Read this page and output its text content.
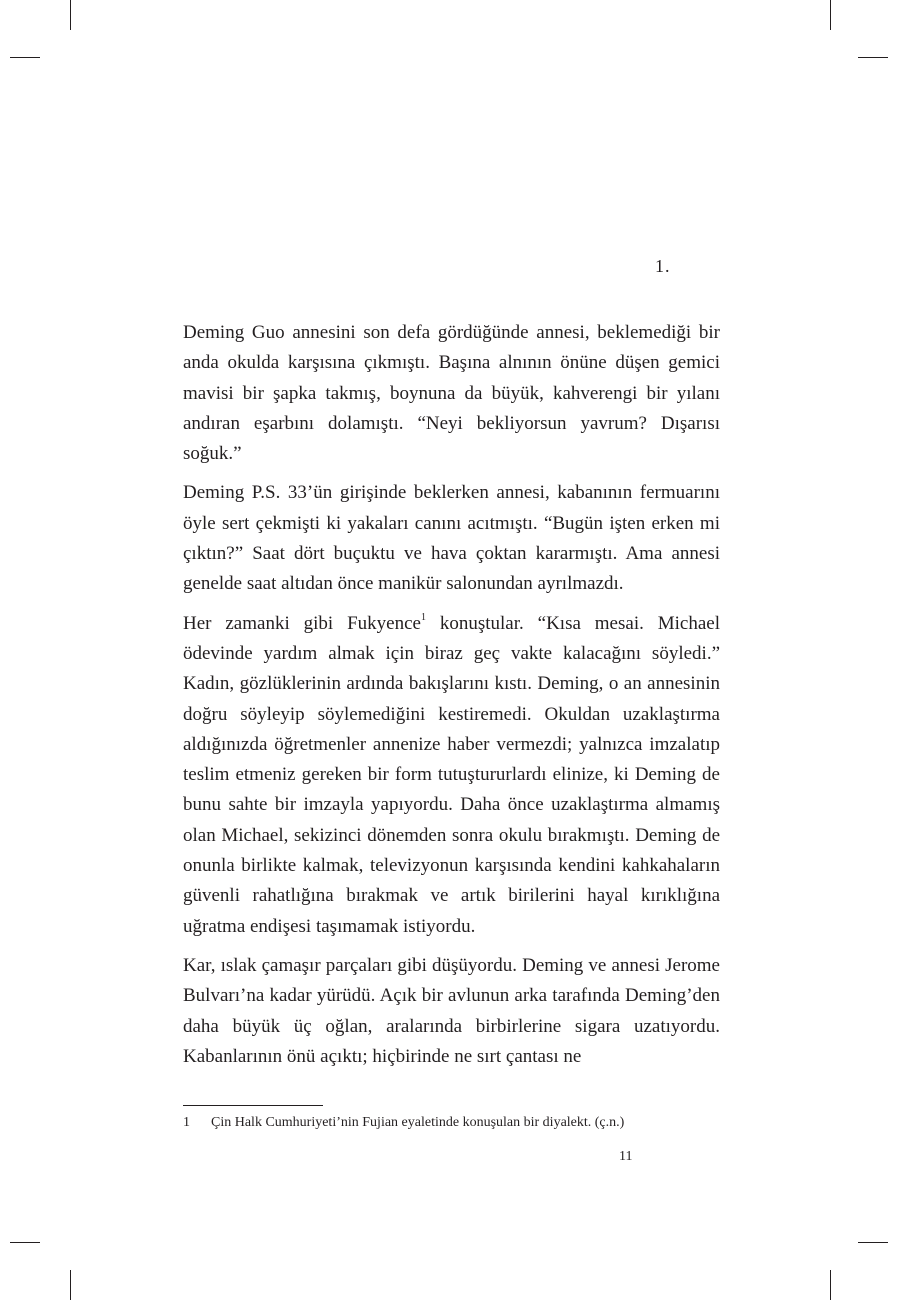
1.

Deming Guo annesini son defa gördüğünde annesi, beklemediği bir anda okulda karşısına çıkmıştı. Başına alnının önüne düşen gemici mavisi bir şapka takmış, boynuna da büyük, kahverengi bir yılanı andıran eşarbını dolamıştı. “Neyi bekliyorsun yavrum? Dışarısı soğuk.”

Deming P.S. 33’ün girişinde beklerken annesi, kabanının fermuarını öyle sert çekmişti ki yakaları canını acıtmıştı. “Bugün işten erken mi çıktın?” Saat dört buçuktu ve hava çoktan kararmıştı. Ama annesi genelde saat altıdan önce manikür salonundan ayrılmazdı.

Her zamanki gibi Fukyence$^1$ konuştular. “Kısa mesai. Michael ödevinde yardım almak için biraz geç vakte kalacağını söyledi.” Kadın, gözlüklerinin ardında bakışlarını kıstı. Deming, o an annesinin doğru söyleyip söylemediğini kestiremedi. Okuldan uzaklaştırma aldığınızda öğretmenler annenize haber vermezdi; yalnızca imzalatıp teslim etmeniz gereken bir form tutuştururlardı elinize, ki Deming de bunu sahte bir imzayla yapıyordu. Daha önce uzaklaştırma almamış olan Michael, sekizinci dönemden sonra okulu bırakmıştı. Deming de onunla birlikte kalmak, televizyonun karşısında kendini kahkahaların güvenli rahatlığına bırakmak ve artık birilerini hayal kırıklığına uğratma endişesi taşımamak istiyordu.

Kar, ıslak çamaşır parçaları gibi düşüyordu. Deming ve annesi Jerome Bulvarı’na kadar yürüdü. Açık bir avlunun arka tarafında Deming’den daha büyük üç oğlan, aralarında birbirlerine sigara uzatıyordu. Kabanlarının önü açıktı; hiçbirinde ne sırt çantası ne

1 Çin Halk Cumhuriyeti’nin Fujian eyaletinde konuşulan bir diyalekt. (ç.n.)
11
